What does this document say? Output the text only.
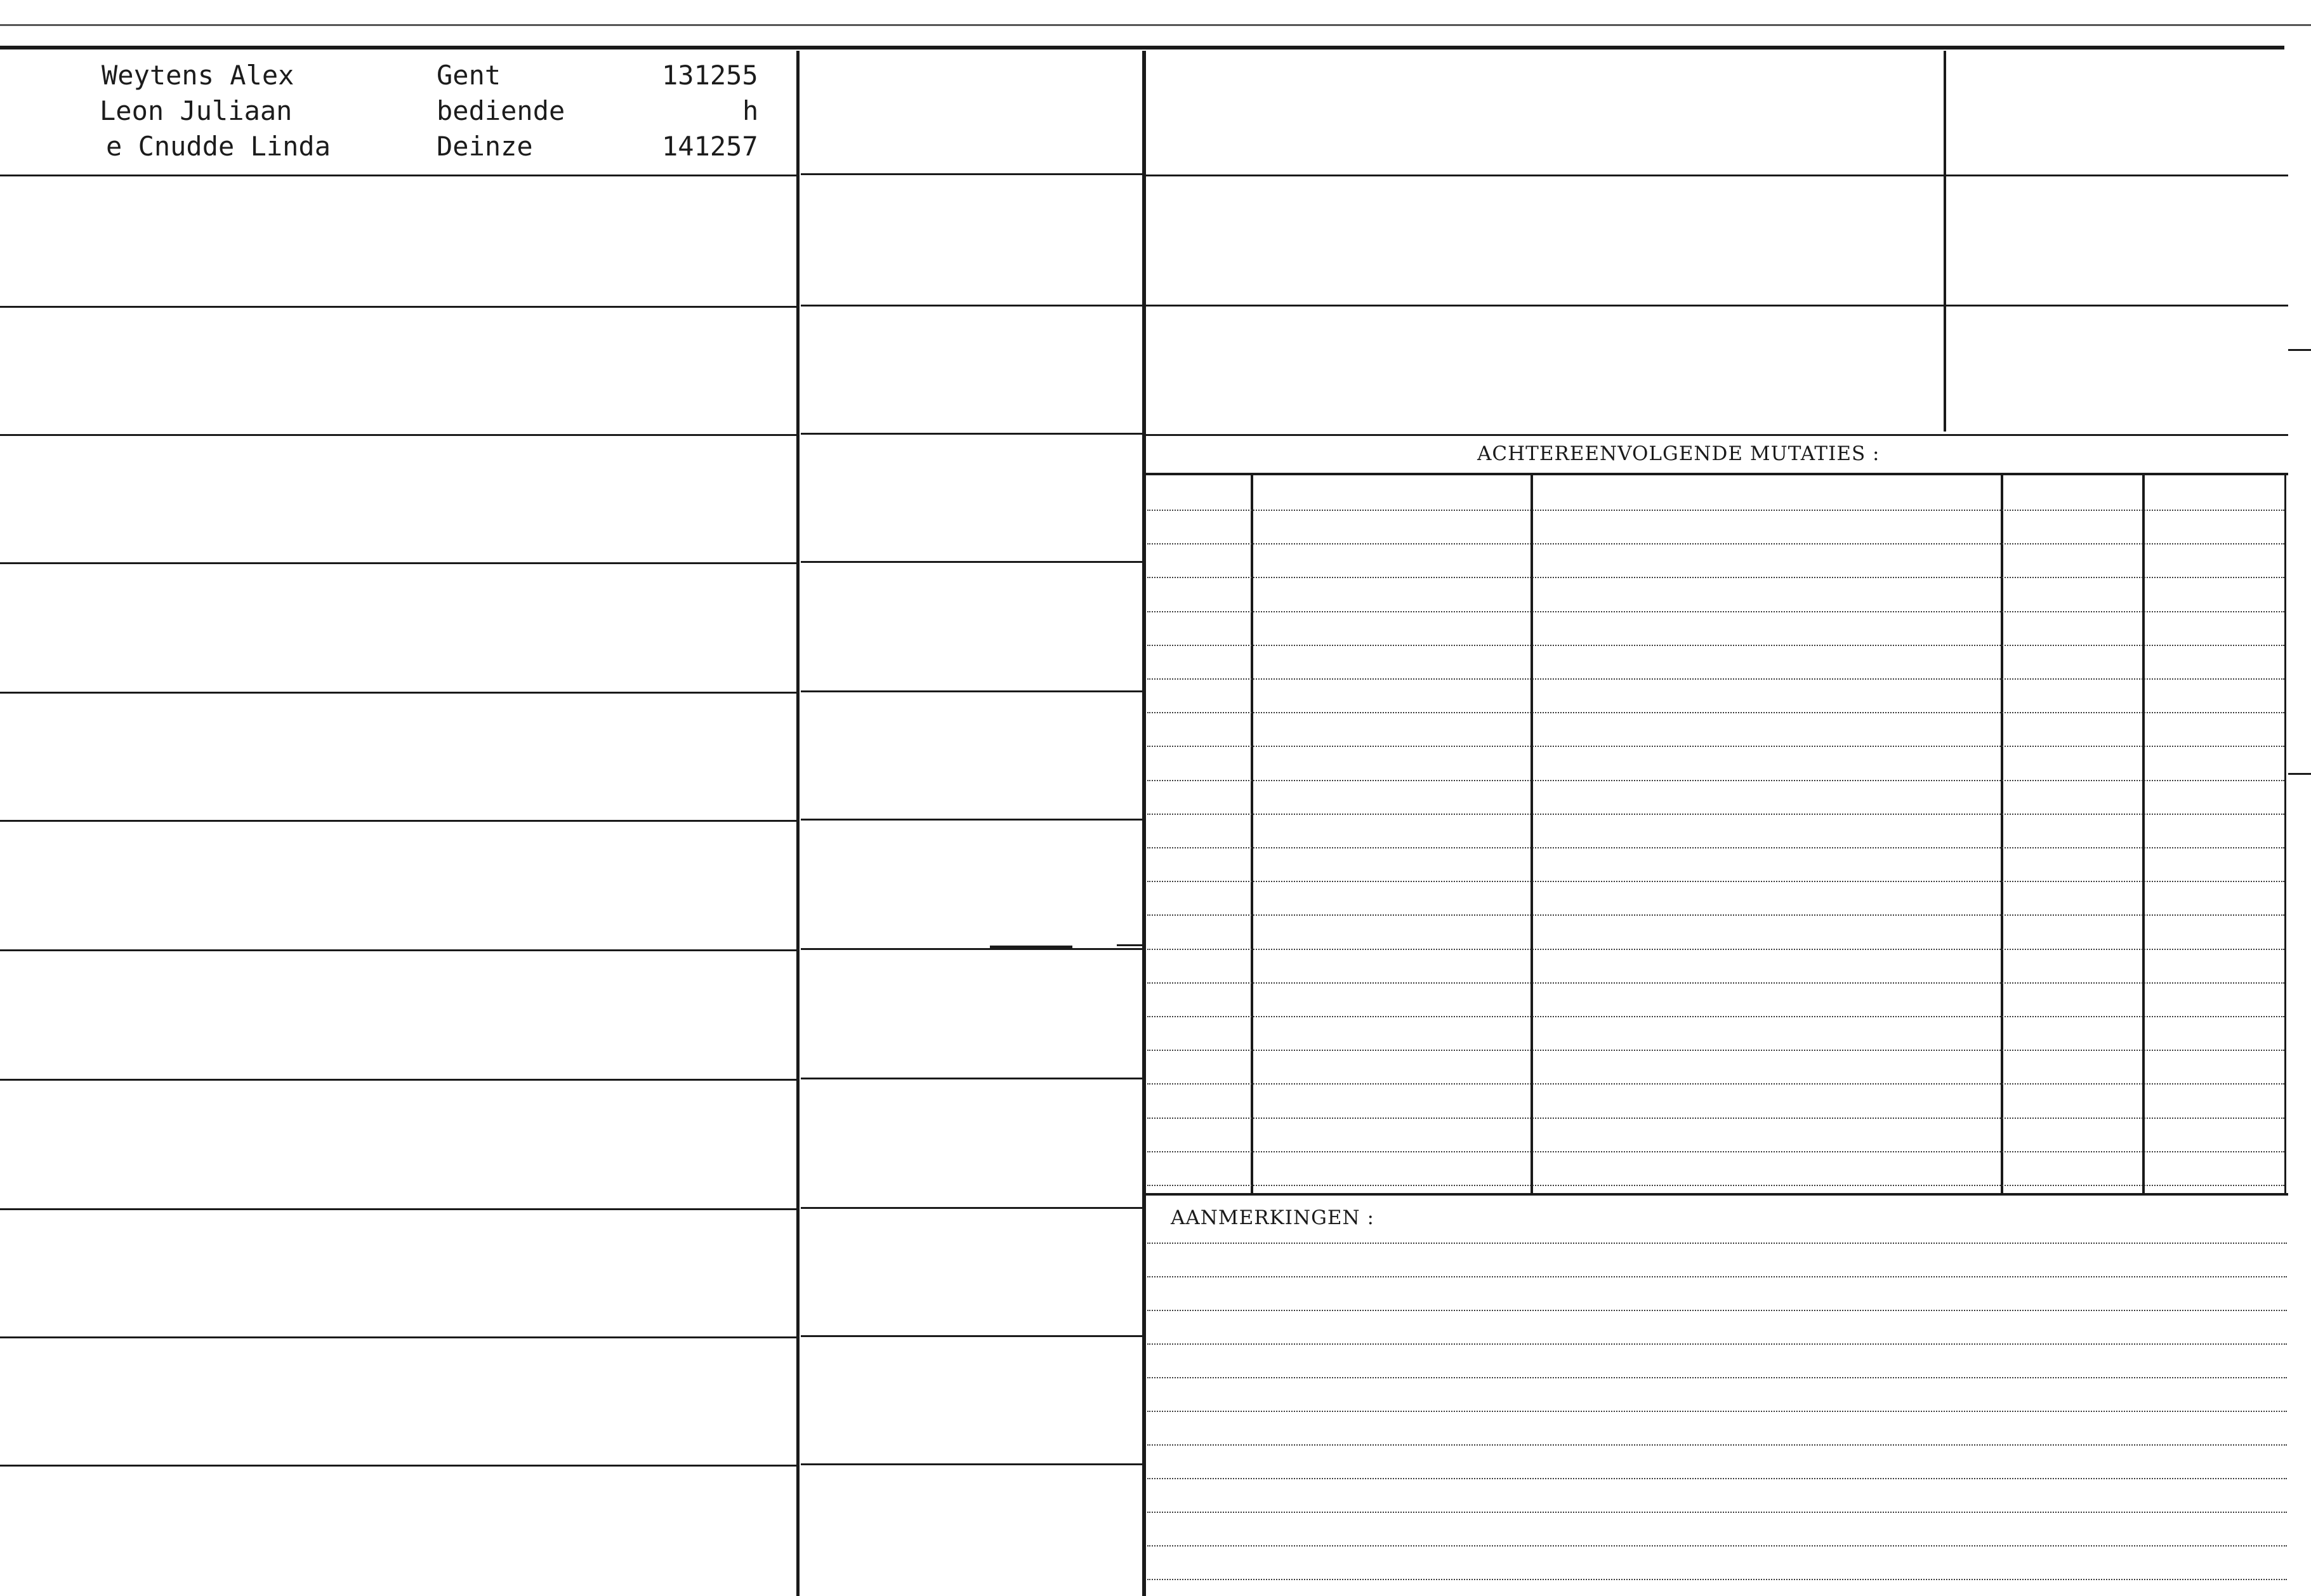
Weytens Alex
Leon Juliaan
e Cnudde Linda
Gent
bediende
Deinze
131255
h
141257
ACHTEREENVOLGENDE MUTATIES :
AANMERKINGEN :
